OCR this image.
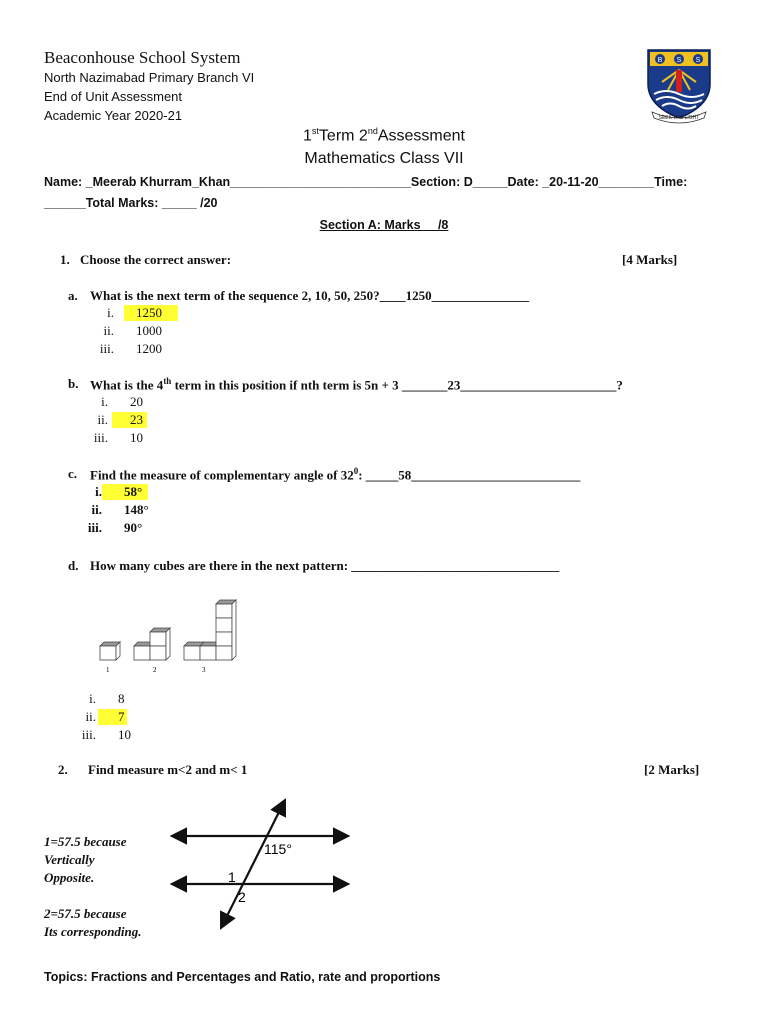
Beaconhouse School System
North Nazimabad Primary Branch VI
End of Unit Assessment
Academic Year 2020-21
B S S
SEEK THE LIGHT
1stTerm 2ndAssessment
Mathematics Class VII
Name: _Meerab Khurram_Khan__________________________Section: D_____Date: _20-11-20________Time:
______Total Marks: _____ /20
Section A: Marks __/8
1. Choose the correct answer:	[4 Marks]
a. What is the next term of the sequence 2, 10, 50, 250?____1250_______________
i.	1250
ii. 1000
iii. 1200
b. What is the 4th term in this position if nth term is 5n + 3 _______23________________________?
i. 20
ii.	23
iii. 10
c. Find the measure of complementary angle of $32^0$: _____58__________________________
i.	58°
ii. 148°
iii. 90°
d. How many cubes are there in the next pattern: ________________________________
1	2	3
i. 8
ii.	7
iii. 10
2. Find measure m<2 and m< 1	[2 Marks]
115°
1
2
1=57.5 because
Vertically
Opposite.
2=57.5 because
Its corresponding.
Topics: Fractions and Percentages and Ratio, rate and proportions
